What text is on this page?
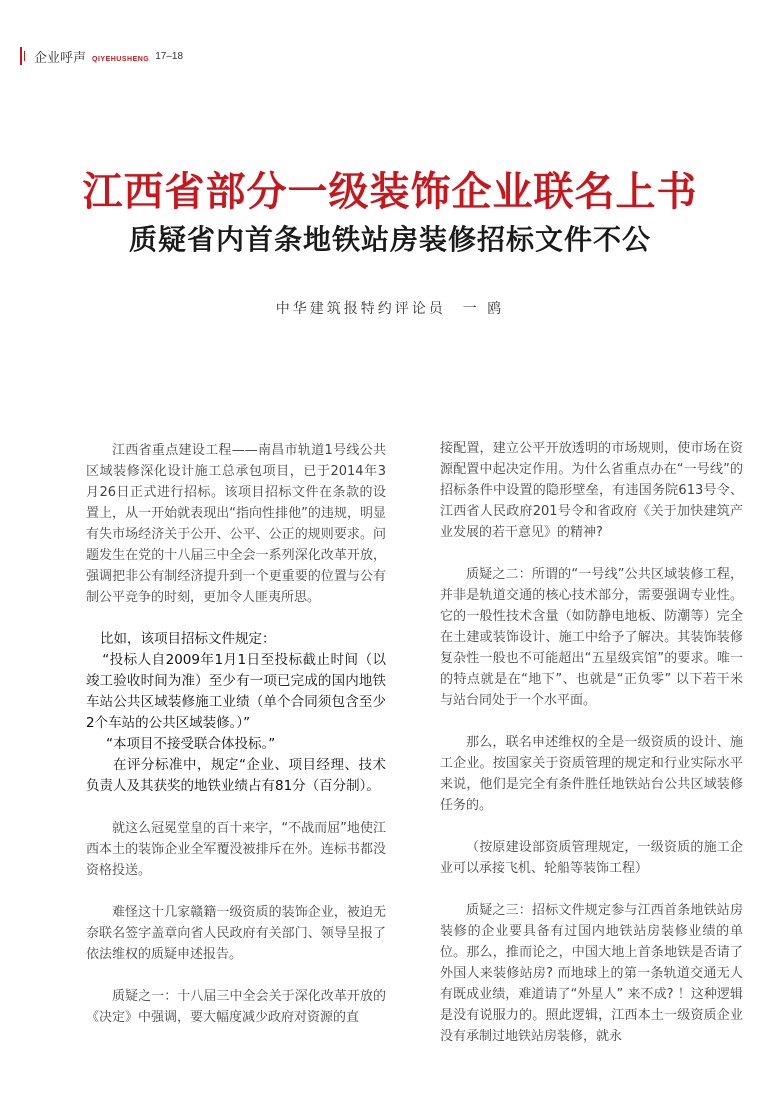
企业呼声 QIYEHUSHENG 17–18
江西省部分一级装饰企业联名上书
质疑省内首条地铁站房装修招标文件不公
中华建筑报特约评论员　一 鸥

江西省重点建设工程——南昌市轨道1号线公共区域装修深化设计施工总承包项目，已于2014年3月26日正式进行招标。该项目招标文件在条款的设置上，从一开始就表现出“指向性排他”的违规，明显有失市场经济关于公开、公平、公正的规则要求。问题发生在党的十八届三中全会一系列深化改革开放，强调把非公有制经济提升到一个更重要的位置与公有制公平竞争的时刻，更加令人匪夷所思。

比如，该项目招标文件规定：

“投标人自2009年1月1日至投标截止时间（以竣工验收时间为准）至少有一项已完成的国内地铁车站公共区域装修施工业绩（单个合同须包含至少2个车站的公共区域装修。）”

“本项目不接受联合体投标。”

在评分标准中，规定“企业、项目经理、技术负责人及其获奖的地铁业绩占有81分（百分制）。

就这么冠冕堂皇的百十来字，“不战而屈”地使江西本土的装饰企业全军覆没被排斥在外。连标书都没资格投送。

难怪这十几家赣籍一级资质的装饰企业，被迫无奈联名签字盖章向省人民政府有关部门、领导呈报了依法维权的质疑申述报告。

质疑之一：十八届三中全会关于深化改革开放的《决定》中强调，要大幅度减少政府对资源的直

接配置，建立公平开放透明的市场规则，使市场在资源配置中起决定作用。为什么省重点办在“一号线”的招标条件中设置的隐形壁垒，有违国务院613号令、江西省人民政府201号令和省政府《关于加快建筑产业发展的若干意见》的精神?

质疑之二：所谓的“一号线”公共区域装修工程，并非是轨道交通的核心技术部分，需要强调专业性。它的一般性技术含量（如防静电地板、防潮等）完全在土建或装饰设计、施工中给予了解决。其装饰装修复杂性一般也不可能超出“五星级宾馆”的要求。唯一的特点就是在“地下”、也就是“正负零” 以下若干米与站台同处于一个水平面。

那么，联名申述维权的全是一级资质的设计、施工企业。按国家关于资质管理的规定和行业实际水平来说，他们是完全有条件胜任地铁站台公共区域装修任务的。

（按原建设部资质管理规定，一级资质的施工企业可以承接飞机、轮船等装饰工程）

质疑之三：招标文件规定参与江西首条地铁站房装修的企业要具备有过国内地铁站房装修业绩的单位。那么，推而论之，中国大地上首条地铁是否请了外国人来装修站房? 而地球上的第一条轨道交通无人有既成业绩，难道请了“外星人” 来不成? ！这种逻辑是没有说服力的。照此逻辑，江西本土一级资质企业没有承制过地铁站房装修，就永
